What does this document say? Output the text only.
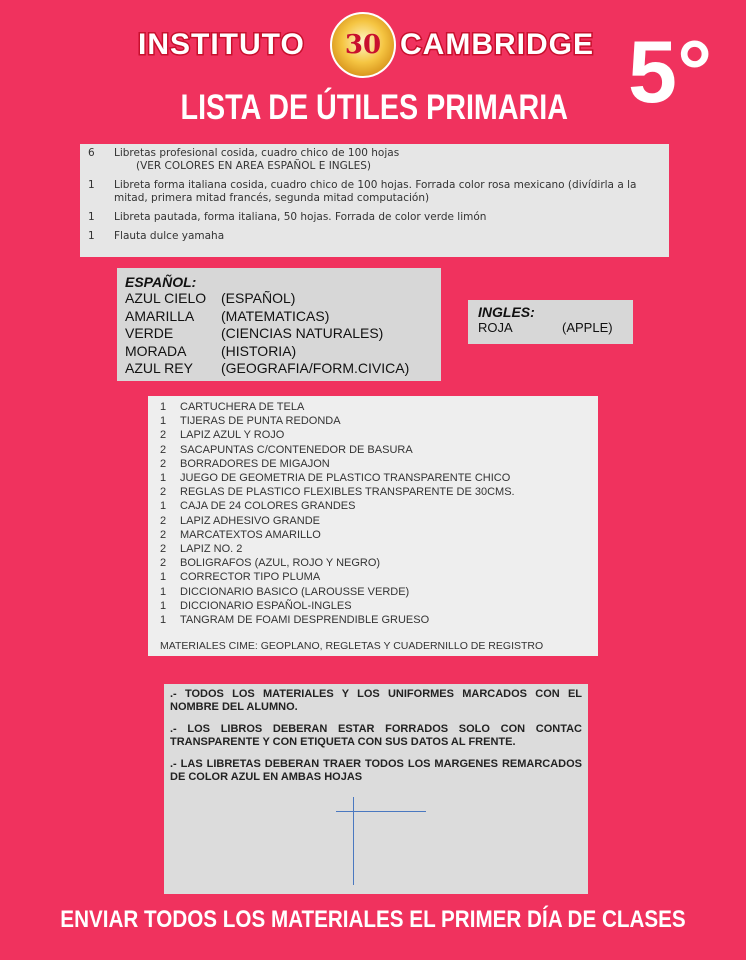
INSTITUTO 30 CAMBRIDGE 5°
LISTA DE ÚTILES PRIMARIA
6	Libretas profesional cosida, cuadro chico de 100 hojas
(VER COLORES EN AREA ESPAÑOL E INGLES)
1	Libreta forma italiana cosida, cuadro chico de 100 hojas. Forrada color rosa mexicano (divídirla a la mitad, primera mitad francés, segunda mitad computación)
1	Libreta pautada, forma italiana, 50 hojas. Forrada de color verde limón
1	Flauta dulce yamaha
ESPAÑOL:
AZUL CIELO	(ESPAÑOL)
AMARILLA	(MATEMATICAS)
VERDE	(CIENCIAS NATURALES)
MORADA	(HISTORIA)
AZUL REY	(GEOGRAFIA/FORM.CIVICA)
INGLES:
ROJA	(APPLE)
1	CARTUCHERA DE TELA
1	TIJERAS DE PUNTA REDONDA
2	LAPIZ AZUL Y ROJO
2	SACAPUNTAS C/CONTENEDOR DE BASURA
2	BORRADORES DE MIGAJON
1	JUEGO DE GEOMETRIA DE PLASTICO TRANSPARENTE CHICO
2	REGLAS DE PLASTICO FLEXIBLES TRANSPARENTE DE 30CMS.
1	CAJA DE 24 COLORES GRANDES
2	LAPIZ ADHESIVO GRANDE
2	MARCATEXTOS AMARILLO
2	LAPIZ NO. 2
2	BOLIGRAFOS (AZUL, ROJO Y NEGRO)
1	CORRECTOR TIPO PLUMA
1	DICCIONARIO BASICO (LAROUSSE VERDE)
1	DICCIONARIO ESPAÑOL-INGLES
1	TANGRAM DE FOAMI DESPRENDIBLE GRUESO
MATERIALES CIME: GEOPLANO, REGLETAS Y CUADERNILLO DE REGISTRO
.- TODOS LOS MATERIALES Y LOS UNIFORMES MARCADOS CON EL NOMBRE DEL ALUMNO.
.- LOS LIBROS DEBERAN ESTAR FORRADOS SOLO CON CONTAC TRANSPARENTE Y CON ETIQUETA CON SUS DATOS AL FRENTE.
.- LAS LIBRETAS DEBERAN TRAER TODOS LOS MARGENES REMARCADOS DE COLOR AZUL EN AMBAS HOJAS
ENVIAR TODOS LOS MATERIALES EL PRIMER DÍA DE CLASES
